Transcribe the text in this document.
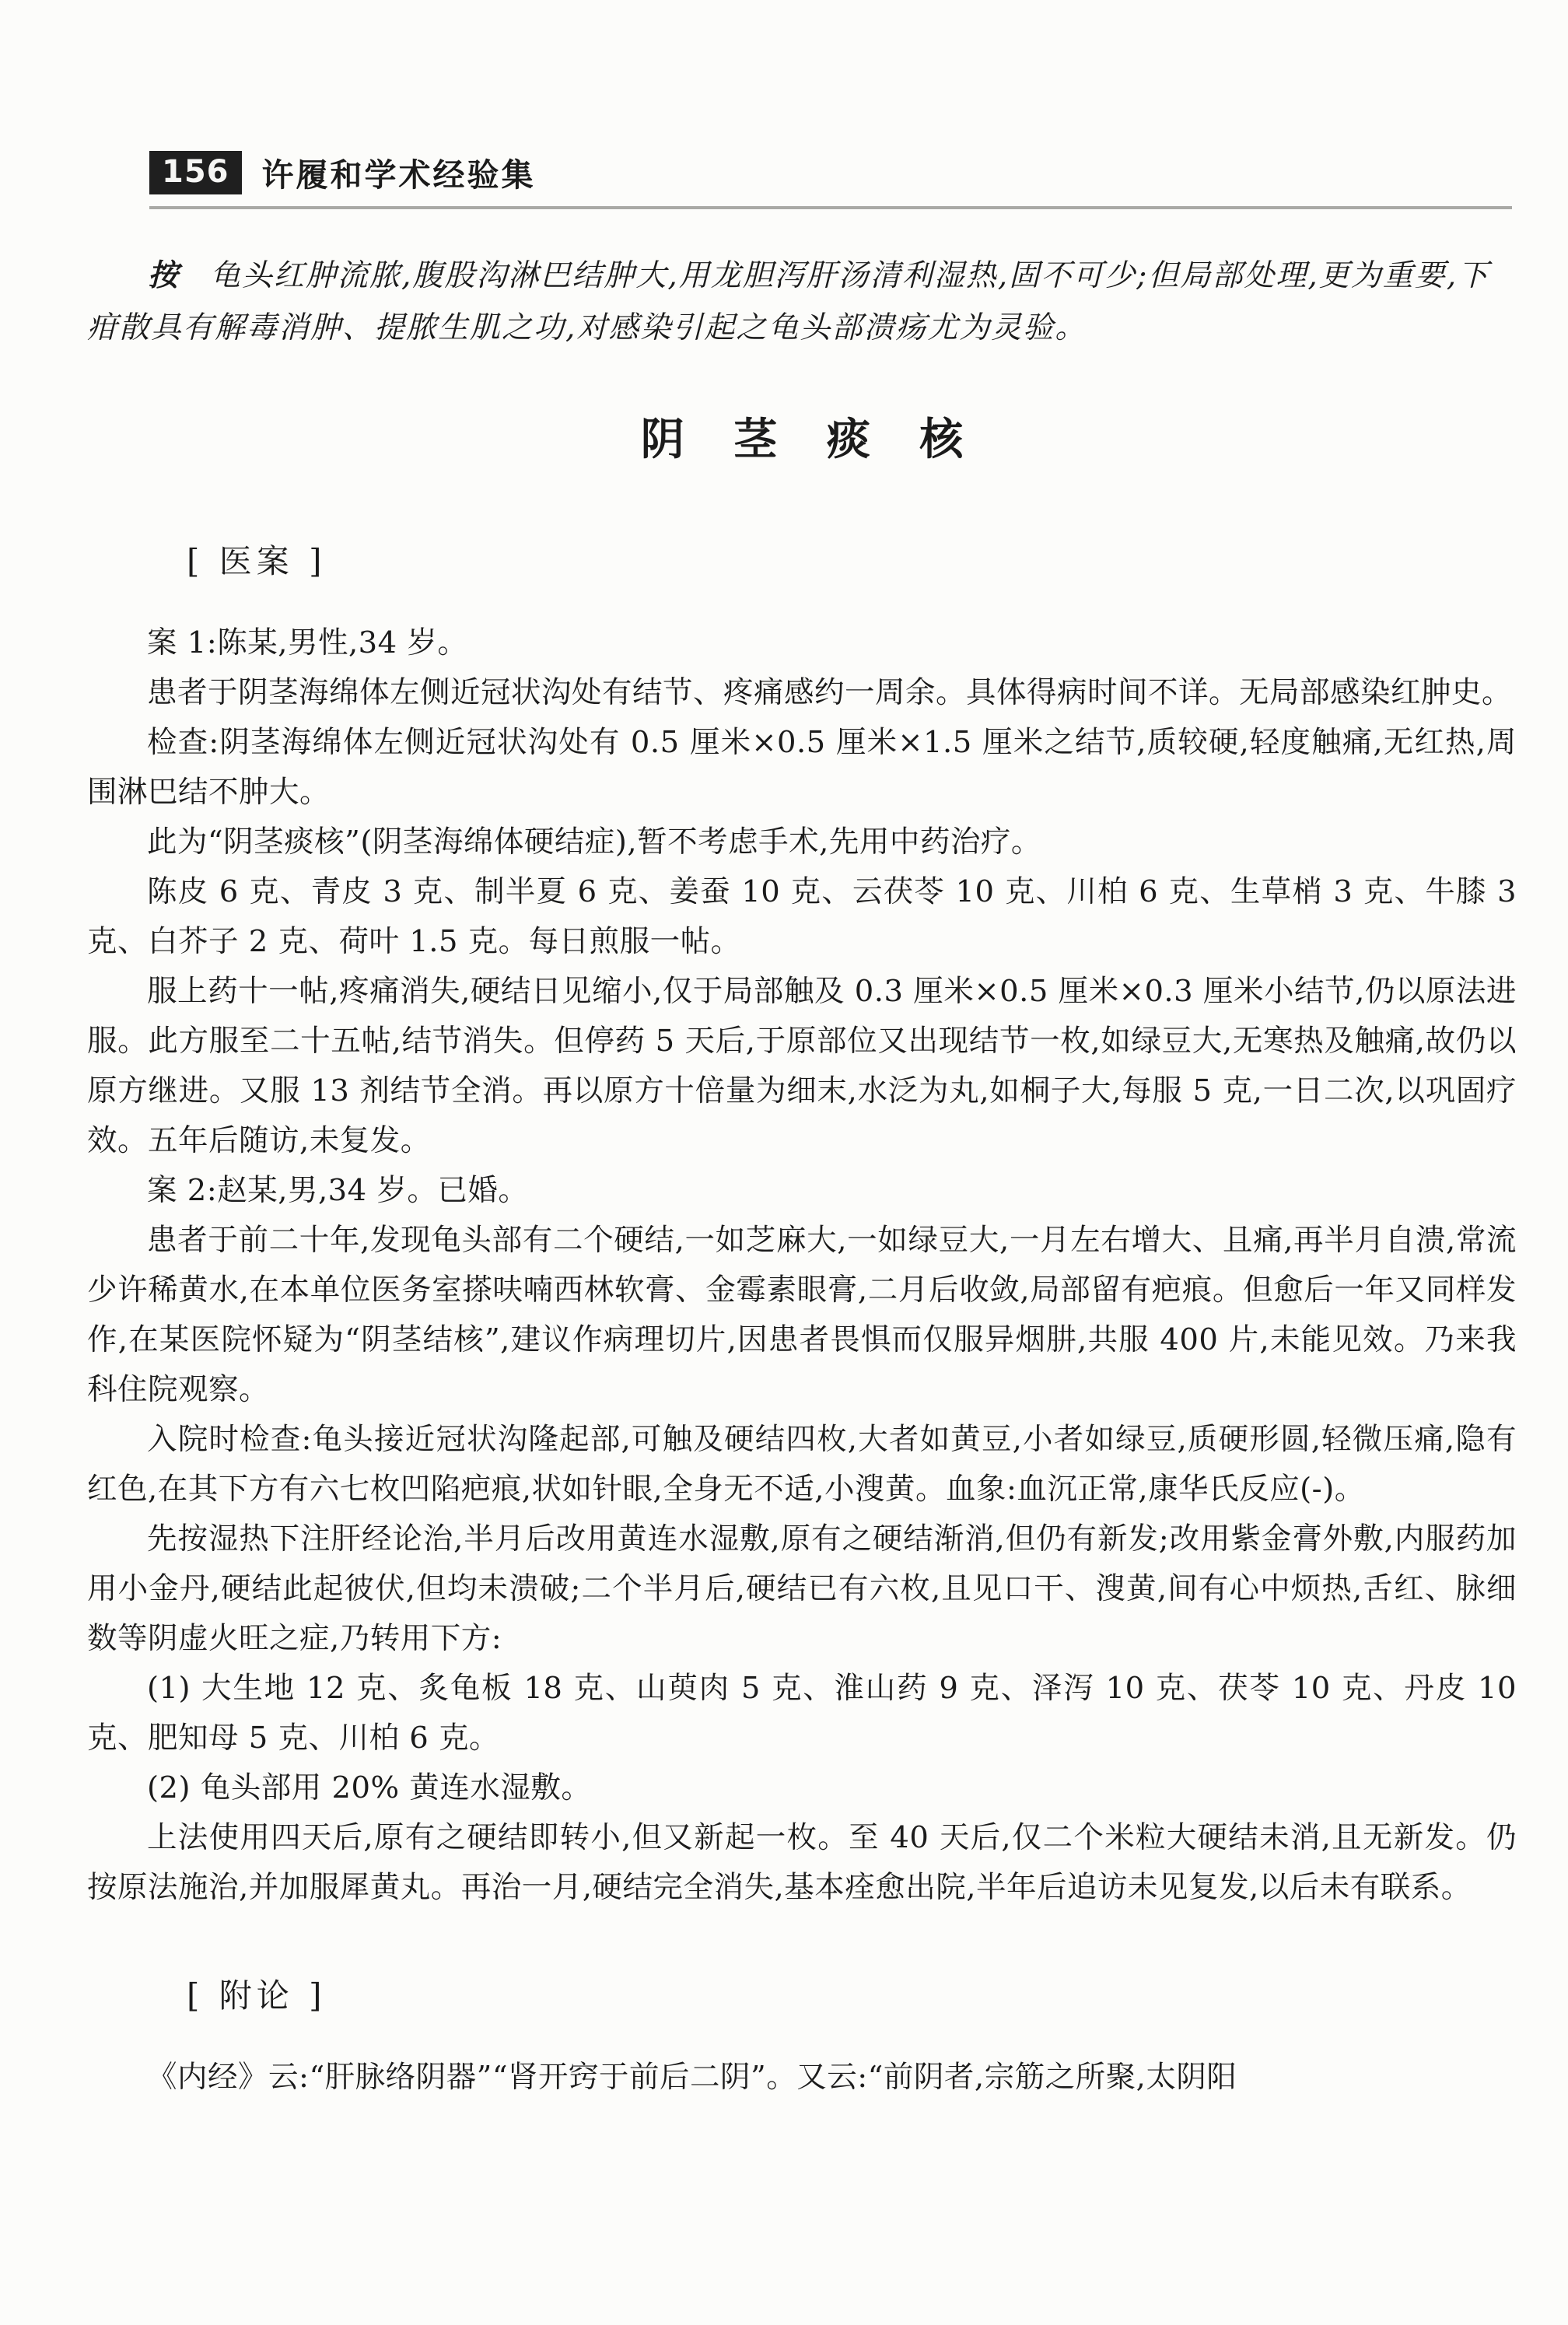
156	许履和学术经验集
按 龟头红肿流脓,腹股沟淋巴结肿大,用龙胆泻肝汤清利湿热,固不可少;但局部处理,更为重要,下疳散具有解毒消肿、提脓生肌之功,对感染引起之龟头部溃疡尤为灵验。
阴 茎 痰 核
[ 医案 ]

案 1:陈某,男性,34 岁。

患者于阴茎海绵体左侧近冠状沟处有结节、疼痛感约一周余。具体得病时间不详。无局部感染红肿史。

检查:阴茎海绵体左侧近冠状沟处有 0.5 厘米×0.5 厘米×1.5 厘米之结节,质较硬,轻度触痛,无红热,周围淋巴结不肿大。

此为“阴茎痰核”(阴茎海绵体硬结症),暂不考虑手术,先用中药治疗。

陈皮 6 克、青皮 3 克、制半夏 6 克、姜蚕 10 克、云茯苓 10 克、川柏 6 克、生草梢 3 克、牛膝 3 克、白芥子 2 克、荷叶 1.5 克。每日煎服一帖。

服上药十一帖,疼痛消失,硬结日见缩小,仅于局部触及 0.3 厘米×0.5 厘米×0.3 厘米小结节,仍以原法进服。此方服至二十五帖,结节消失。但停药 5 天后,于原部位又出现结节一枚,如绿豆大,无寒热及触痛,故仍以原方继进。又服 13 剂结节全消。再以原方十倍量为细末,水泛为丸,如桐子大,每服 5 克,一日二次,以巩固疗效。五年后随访,未复发。

案 2:赵某,男,34 岁。已婚。

患者于前二十年,发现龟头部有二个硬结,一如芝麻大,一如绿豆大,一月左右增大、且痛,再半月自溃,常流少许稀黄水,在本单位医务室搽呋喃西林软膏、金霉素眼膏,二月后收敛,局部留有疤痕。但愈后一年又同样发作,在某医院怀疑为“阴茎结核”,建议作病理切片,因患者畏惧而仅服异烟肼,共服 400 片,未能见效。乃来我科住院观察。

入院时检查:龟头接近冠状沟隆起部,可触及硬结四枚,大者如黄豆,小者如绿豆,质硬形圆,轻微压痛,隐有红色,在其下方有六七枚凹陷疤痕,状如针眼,全身无不适,小溲黄。血象:血沉正常,康华氏反应(-)。

先按湿热下注肝经论治,半月后改用黄连水湿敷,原有之硬结渐消,但仍有新发;改用紫金膏外敷,内服药加用小金丹,硬结此起彼伏,但均未溃破;二个半月后,硬结已有六枚,且见口干、溲黄,间有心中烦热,舌红、脉细数等阴虚火旺之症,乃转用下方:

(1) 大生地 12 克、炙龟板 18 克、山萸肉 5 克、淮山药 9 克、泽泻 10 克、茯苓 10 克、丹皮 10 克、肥知母 5 克、川柏 6 克。

(2) 龟头部用 20% 黄连水湿敷。

上法使用四天后,原有之硬结即转小,但又新起一枚。至 40 天后,仅二个米粒大硬结未消,且无新发。仍按原法施治,并加服犀黄丸。再治一月,硬结完全消失,基本痊愈出院,半年后追访未见复发,以后未有联系。

[ 附论 ]

《内经》云:“肝脉络阴器”“肾开窍于前后二阴”。又云:“前阴者,宗筋之所聚,太阴阳
